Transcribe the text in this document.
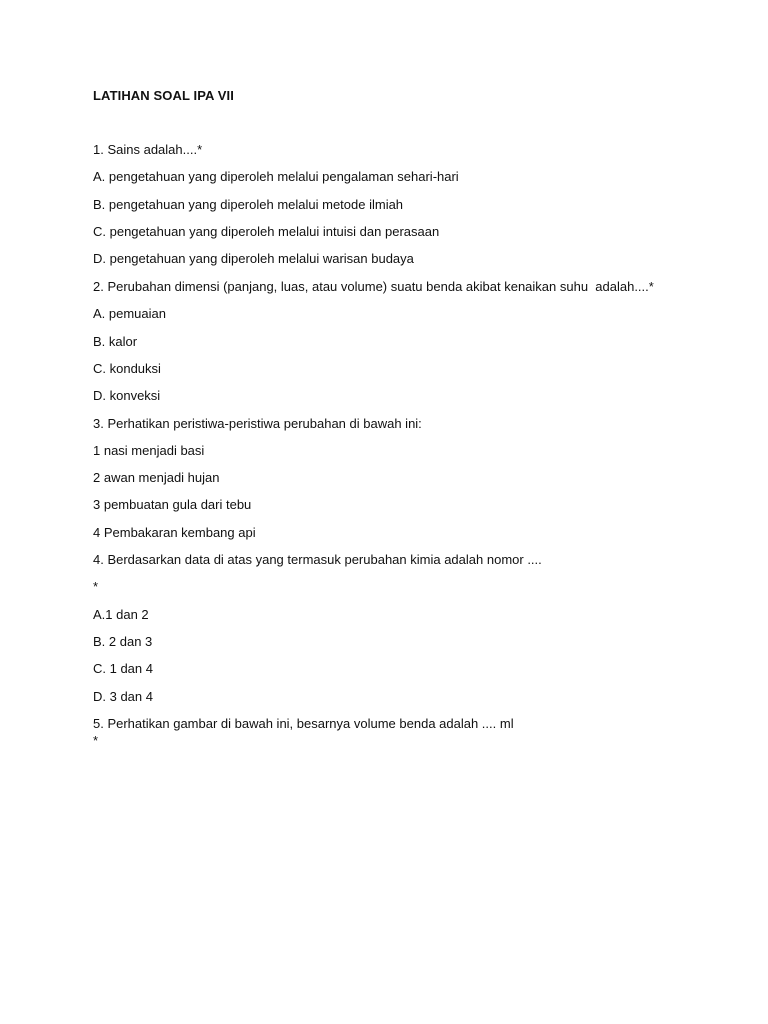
LATIHAN SOAL IPA VII
1. Sains adalah....*
A. pengetahuan yang diperoleh melalui pengalaman sehari-hari
B. pengetahuan yang diperoleh melalui metode ilmiah
C. pengetahuan yang diperoleh melalui intuisi dan perasaan
D. pengetahuan yang diperoleh melalui warisan budaya
2. Perubahan dimensi (panjang, luas, atau volume) suatu benda akibat kenaikan suhu  adalah....*
A. pemuaian
B. kalor
C. konduksi
D. konveksi
3. Perhatikan peristiwa-peristiwa perubahan di bawah ini:
1 nasi menjadi basi
2 awan menjadi hujan
3 pembuatan gula dari tebu
4 Pembakaran kembang api
4. Berdasarkan data di atas yang termasuk perubahan kimia adalah nomor ....
*
A.1 dan 2
B. 2 dan 3
C. 1 dan 4
D. 3 dan 4
5. Perhatikan gambar di bawah ini, besarnya volume benda adalah .... ml
*
